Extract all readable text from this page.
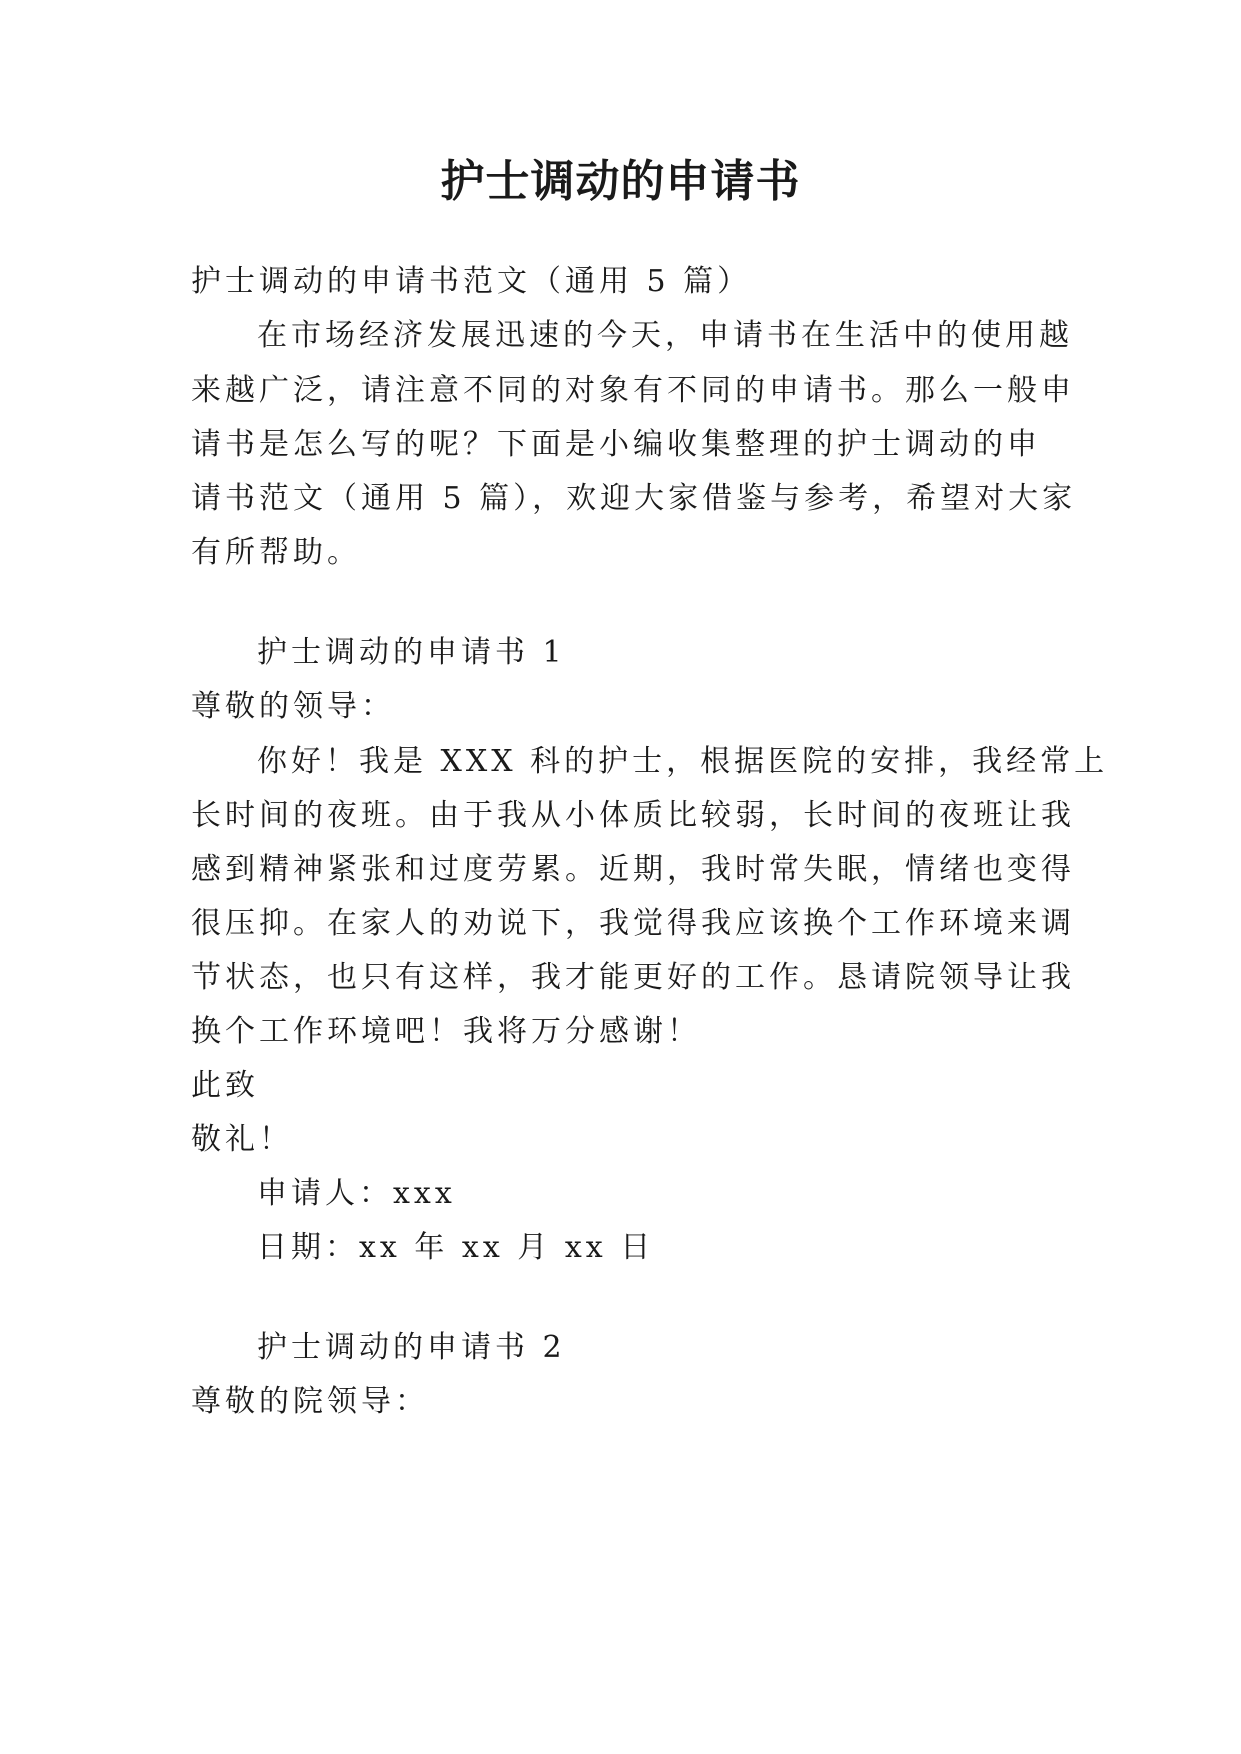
护士调动的申请书
护士调动的申请书范文（通用 5 篇）
在市场经济发展迅速的今天，申请书在生活中的使用越
来越广泛，请注意不同的对象有不同的申请书。那么一般申
请书是怎么写的呢？下面是小编收集整理的护士调动的申
请书范文（通用 5 篇），欢迎大家借鉴与参考，希望对大家
有所帮助。
护士调动的申请书 1
尊敬的领导：
你好！我是 XXX 科的护士，根据医院的安排，我经常上
长时间的夜班。由于我从小体质比较弱，长时间的夜班让我
感到精神紧张和过度劳累。近期，我时常失眠，情绪也变得
很压抑。在家人的劝说下，我觉得我应该换个工作环境来调
节状态，也只有这样，我才能更好的工作。恳请院领导让我
换个工作环境吧！我将万分感谢！
此致
敬礼！
申请人：xxx
日期：xx 年 xx 月 xx 日
护士调动的申请书 2
尊敬的院领导：
